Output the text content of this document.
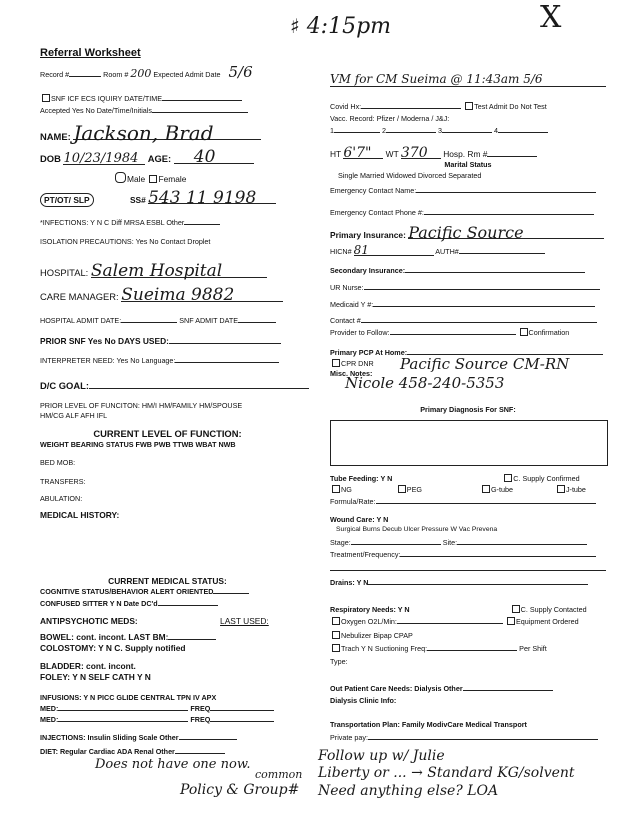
♯ 4:15pm	X
Referral Worksheet
Record #	Room # 200 Expected Admit Date 5/6	VM for CM Sueima @ 11:43am 5/6
SNF ICF ECS IQUIRY DATE/TIME
Accepted Yes No Date/Time/Initials
NAME: Jackson, Brad
DOB 10/23/1984 AGE: 40
Male Female
PT/OT/ SLP	SS# 543 11 9198
*INFECTIONS: Y N C Diff MRSA ESBL Other
ISOLATION PRECAUTIONS: Yes No Contact Droplet
HOSPITAL: Salem Hospital
CARE MANAGER: Sueima 9882
HOSPITAL ADMIT DATE:	SNF ADMIT DATE
PRIOR SNF Yes No DAYS USED:
INTERPRETER NEED: Yes No Language:
D/C GOAL:
PRIOR LEVEL OF FUNCITON: HM/I HM/FAMILY HM/SPOUSE
HM/CG ALF AFH IFL
CURRENT LEVEL OF FUNCTION:
WEIGHT BEARING STATUS FWB PWB TTWB WBAT NWB
BED MOB:
TRANSFERS:
ABULATION:
MEDICAL HISTORY:
CURRENT MEDICAL STATUS:
COGNITIVE STATUS/BEHAVIOR ALERT ORIENTED
CONFUSED SITTER Y N Date DC'd
ANTIPSYCHOTIC MEDS:	LAST USED:
BOWEL: cont. incont. LAST BM:
COLOSTOMY: Y N C. Supply notified
BLADDER: cont. incont.
FOLEY: Y N SELF CATH Y N
INFUSIONS: Y N PICC GLIDE CENTRAL TPN IV APX
MED:	FREQ
MED:	FREQ
INJECTIONS: Insulin Sliding Scale Other
DIET: Regular Cardiac ADA Renal Other
Does not have one now.
common
Policy & Group#
Covid Hx:	Test Admit Do Not Test
Vacc. Record: Pfizer / Moderna / J&J:
1	2	3	4
HT 6'7" WT 370 Hosp. Rm #
Marital Status
Single Married Widowed Divorced Separated
Emergency Contact Name:
Emergency Contact Phone #:
Primary Insurance: Pacific Source
HICN# 81	AUTH#
Secondary Insurance:
UR Nurse:
Medicaid Y #:
Contact #
Provider to Follow:	Confirmation
Primary PCP At Home:
CPR DNR Pacific Source CM-RN
Misc. Notes:
Nicole 458-240-5353
Primary Diagnosis For SNF:
Tube Feeding: Y N	C. Supply Confirmed
NG	PEG	G-tube	J-tube
Formula/Rate:
Wound Care: Y N
Surgical Burns Decub Ulcer Pressure W Vac Prevena
Stage:	Site:
Treatment/Frequency:
Drains: Y N
Respiratory Needs: Y N	C. Supply Contacted
Oxygen O2L/Min:	Equipment Ordered
Nebulizer Bipap CPAP
Trach Y N Suctioning Freq:	Per Shift
Type:
Out Patient Care Needs: Dialysis Other
Dialysis Clinic Info:
Transportation Plan: Family ModivCare Medical Transport
Private pay:
Follow up w/ Julie
Liberty or ... → Standard KG/solvent
Need anything else? LOA
